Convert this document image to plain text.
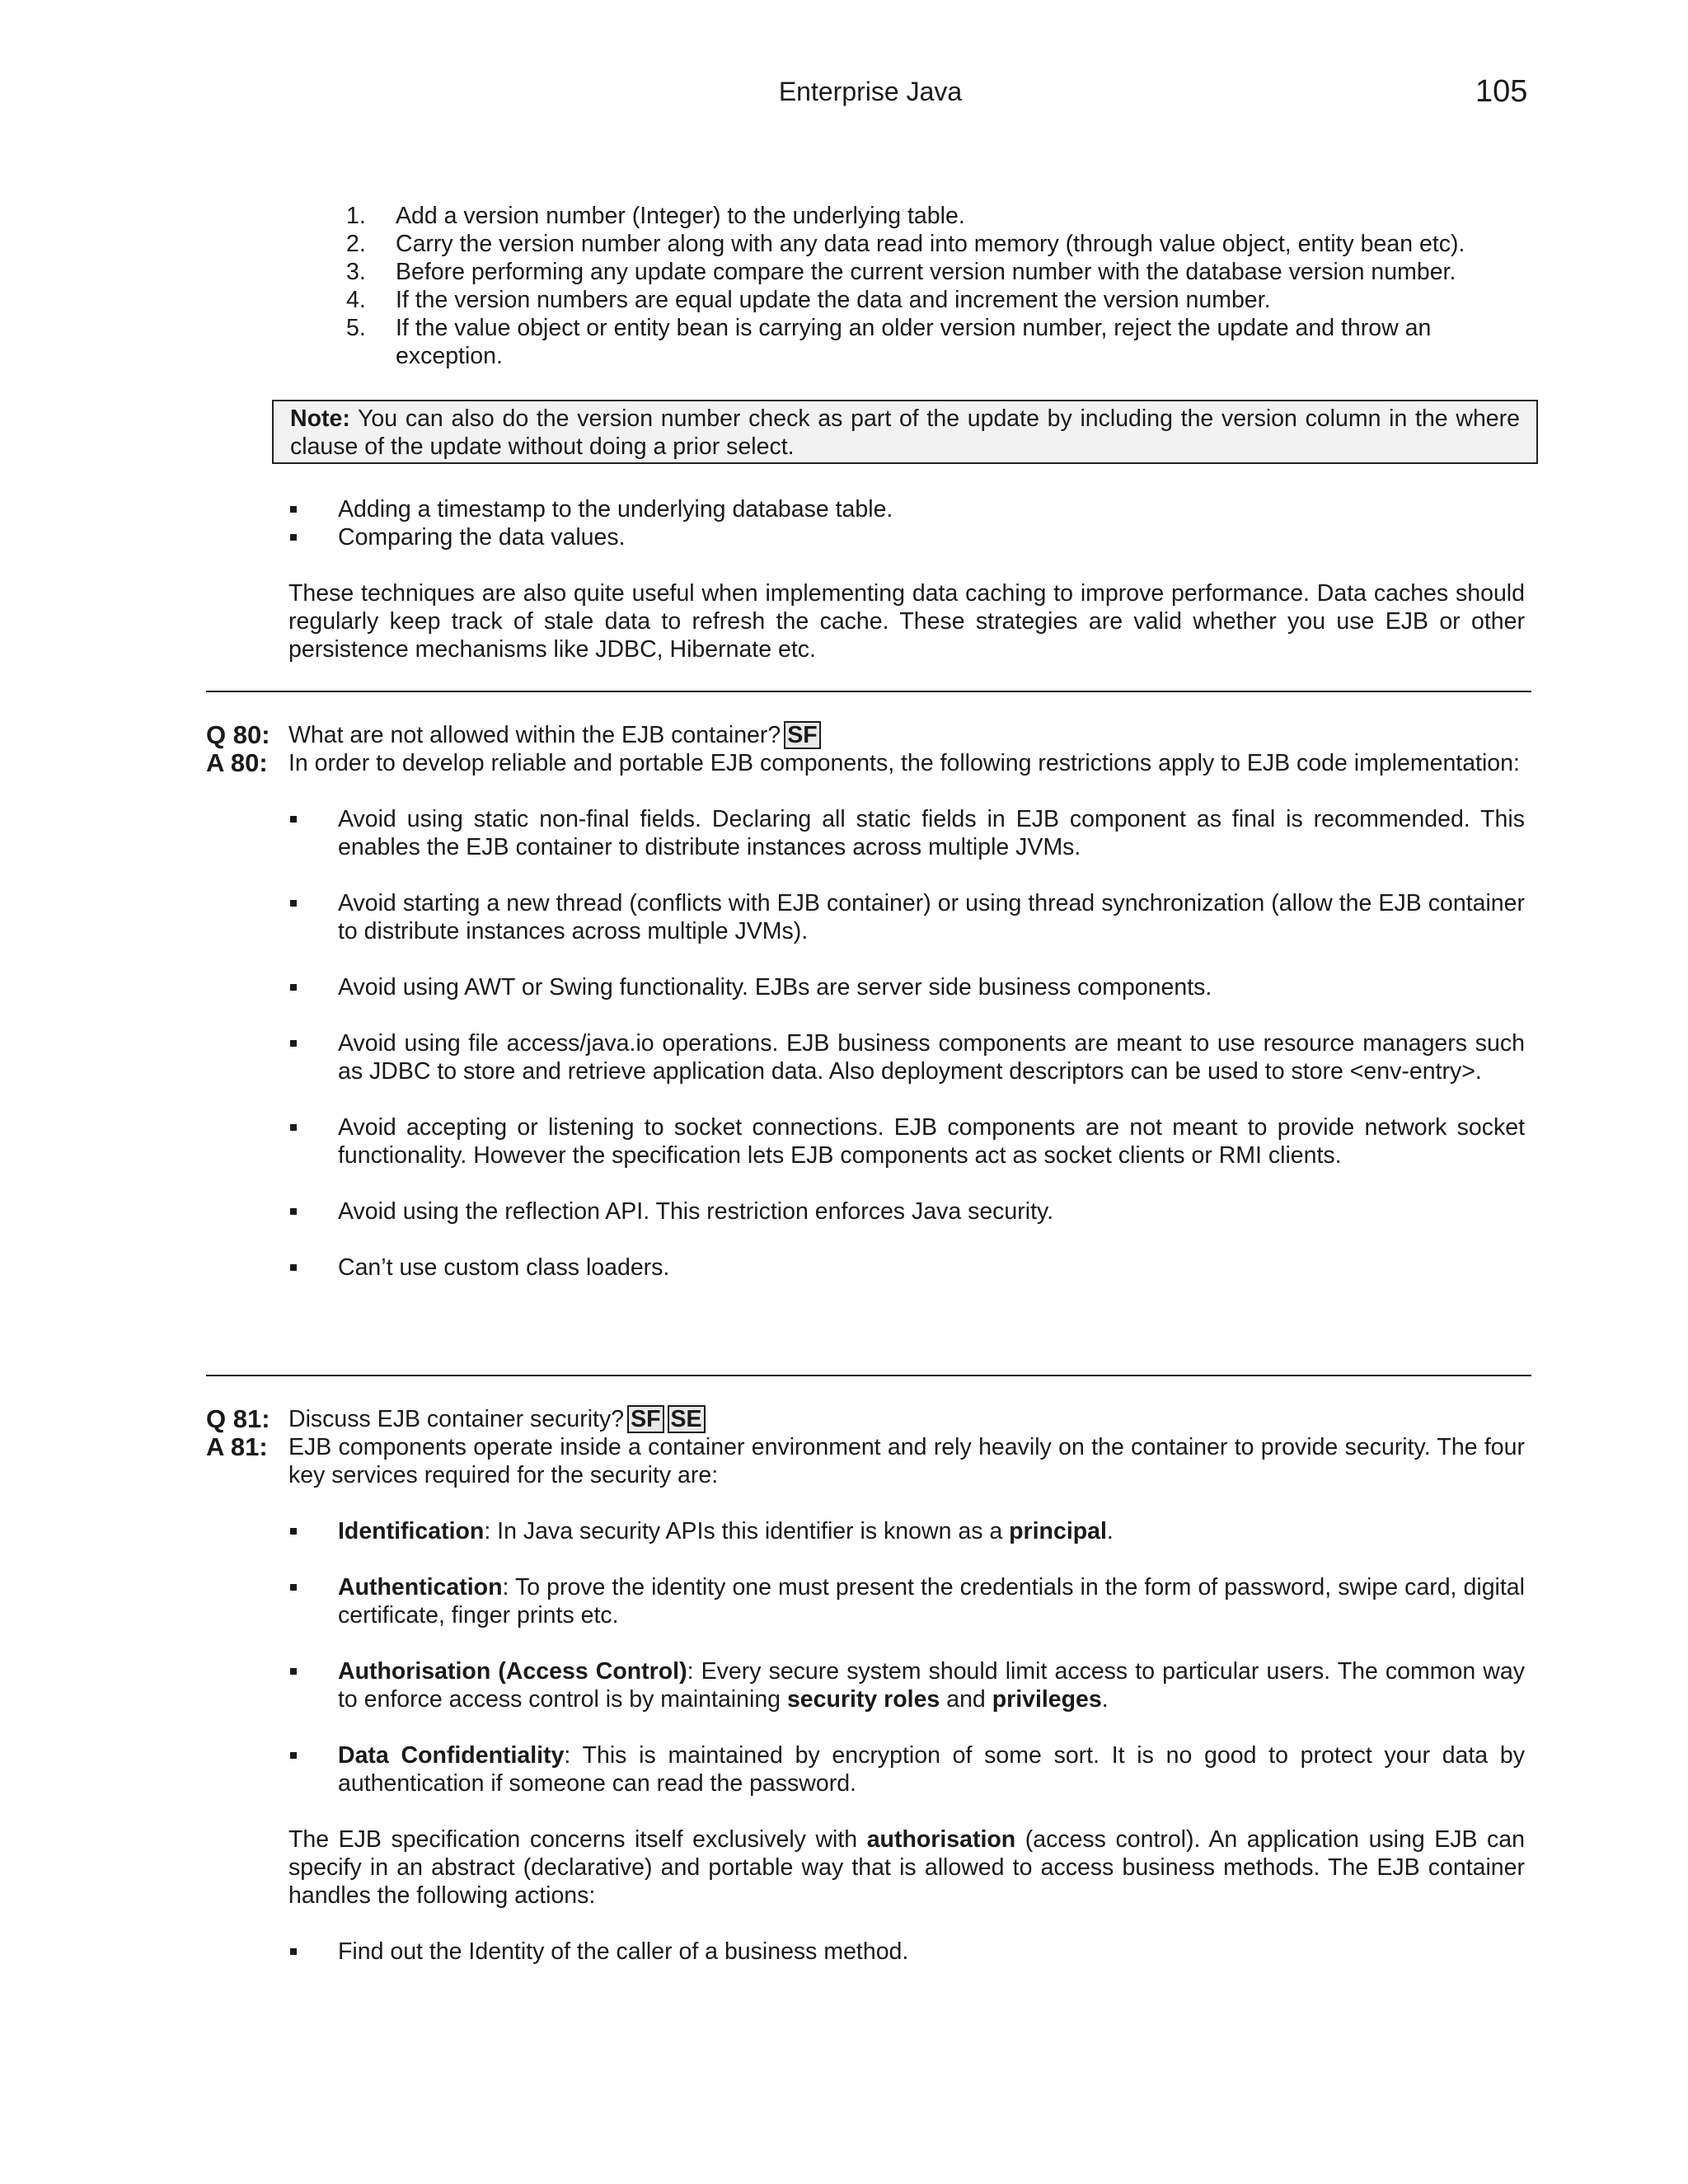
Enterprise Java	105
1. Add a version number (Integer) to the underlying table.
2. Carry the version number along with any data read into memory (through value object, entity bean etc).
3. Before performing any update compare the current version number with the database version number.
4. If the version numbers are equal update the data and increment the version number.
5. If the value object or entity bean is carrying an older version number, reject the update and throw an exception.
Note: You can also do the version number check as part of the update by including the version column in the where clause of the update without doing a prior select.
Adding a timestamp to the underlying database table.
Comparing the data values.

These techniques are also quite useful when implementing data caching to improve performance. Data caches should regularly keep track of stale data to refresh the cache. These strategies are valid whether you use EJB or other persistence mechanisms like JDBC, Hibernate etc.

Q 80: What are not allowed within the EJB container? SF
A 80: In order to develop reliable and portable EJB components, the following restrictions apply to EJB code implementation:
Avoid using static non-final fields. Declaring all static fields in EJB component as final is recommended. This enables the EJB container to distribute instances across multiple JVMs.
Avoid starting a new thread (conflicts with EJB container) or using thread synchronization (allow the EJB container to distribute instances across multiple JVMs).
Avoid using AWT or Swing functionality. EJBs are server side business components.
Avoid using file access/java.io operations. EJB business components are meant to use resource managers such as JDBC to store and retrieve application data. Also deployment descriptors can be used to store <env-entry>.
Avoid accepting or listening to socket connections. EJB components are not meant to provide network socket functionality. However the specification lets EJB components act as socket clients or RMI clients.
Avoid using the reflection API. This restriction enforces Java security.
Can’t use custom class loaders.
Q 81: Discuss EJB container security? SF SE
A 81: EJB components operate inside a container environment and rely heavily on the container to provide security. The four key services required for the security are:
Identification: In Java security APIs this identifier is known as a principal.
Authentication: To prove the identity one must present the credentials in the form of password, swipe card, digital certificate, finger prints etc.
Authorisation (Access Control): Every secure system should limit access to particular users. The common way to enforce access control is by maintaining security roles and privileges.
Data Confidentiality: This is maintained by encryption of some sort. It is no good to protect your data by authentication if someone can read the password.

The EJB specification concerns itself exclusively with authorisation (access control). An application using EJB can specify in an abstract (declarative) and portable way that is allowed to access business methods. The EJB container handles the following actions:

Find out the Identity of the caller of a business method.
